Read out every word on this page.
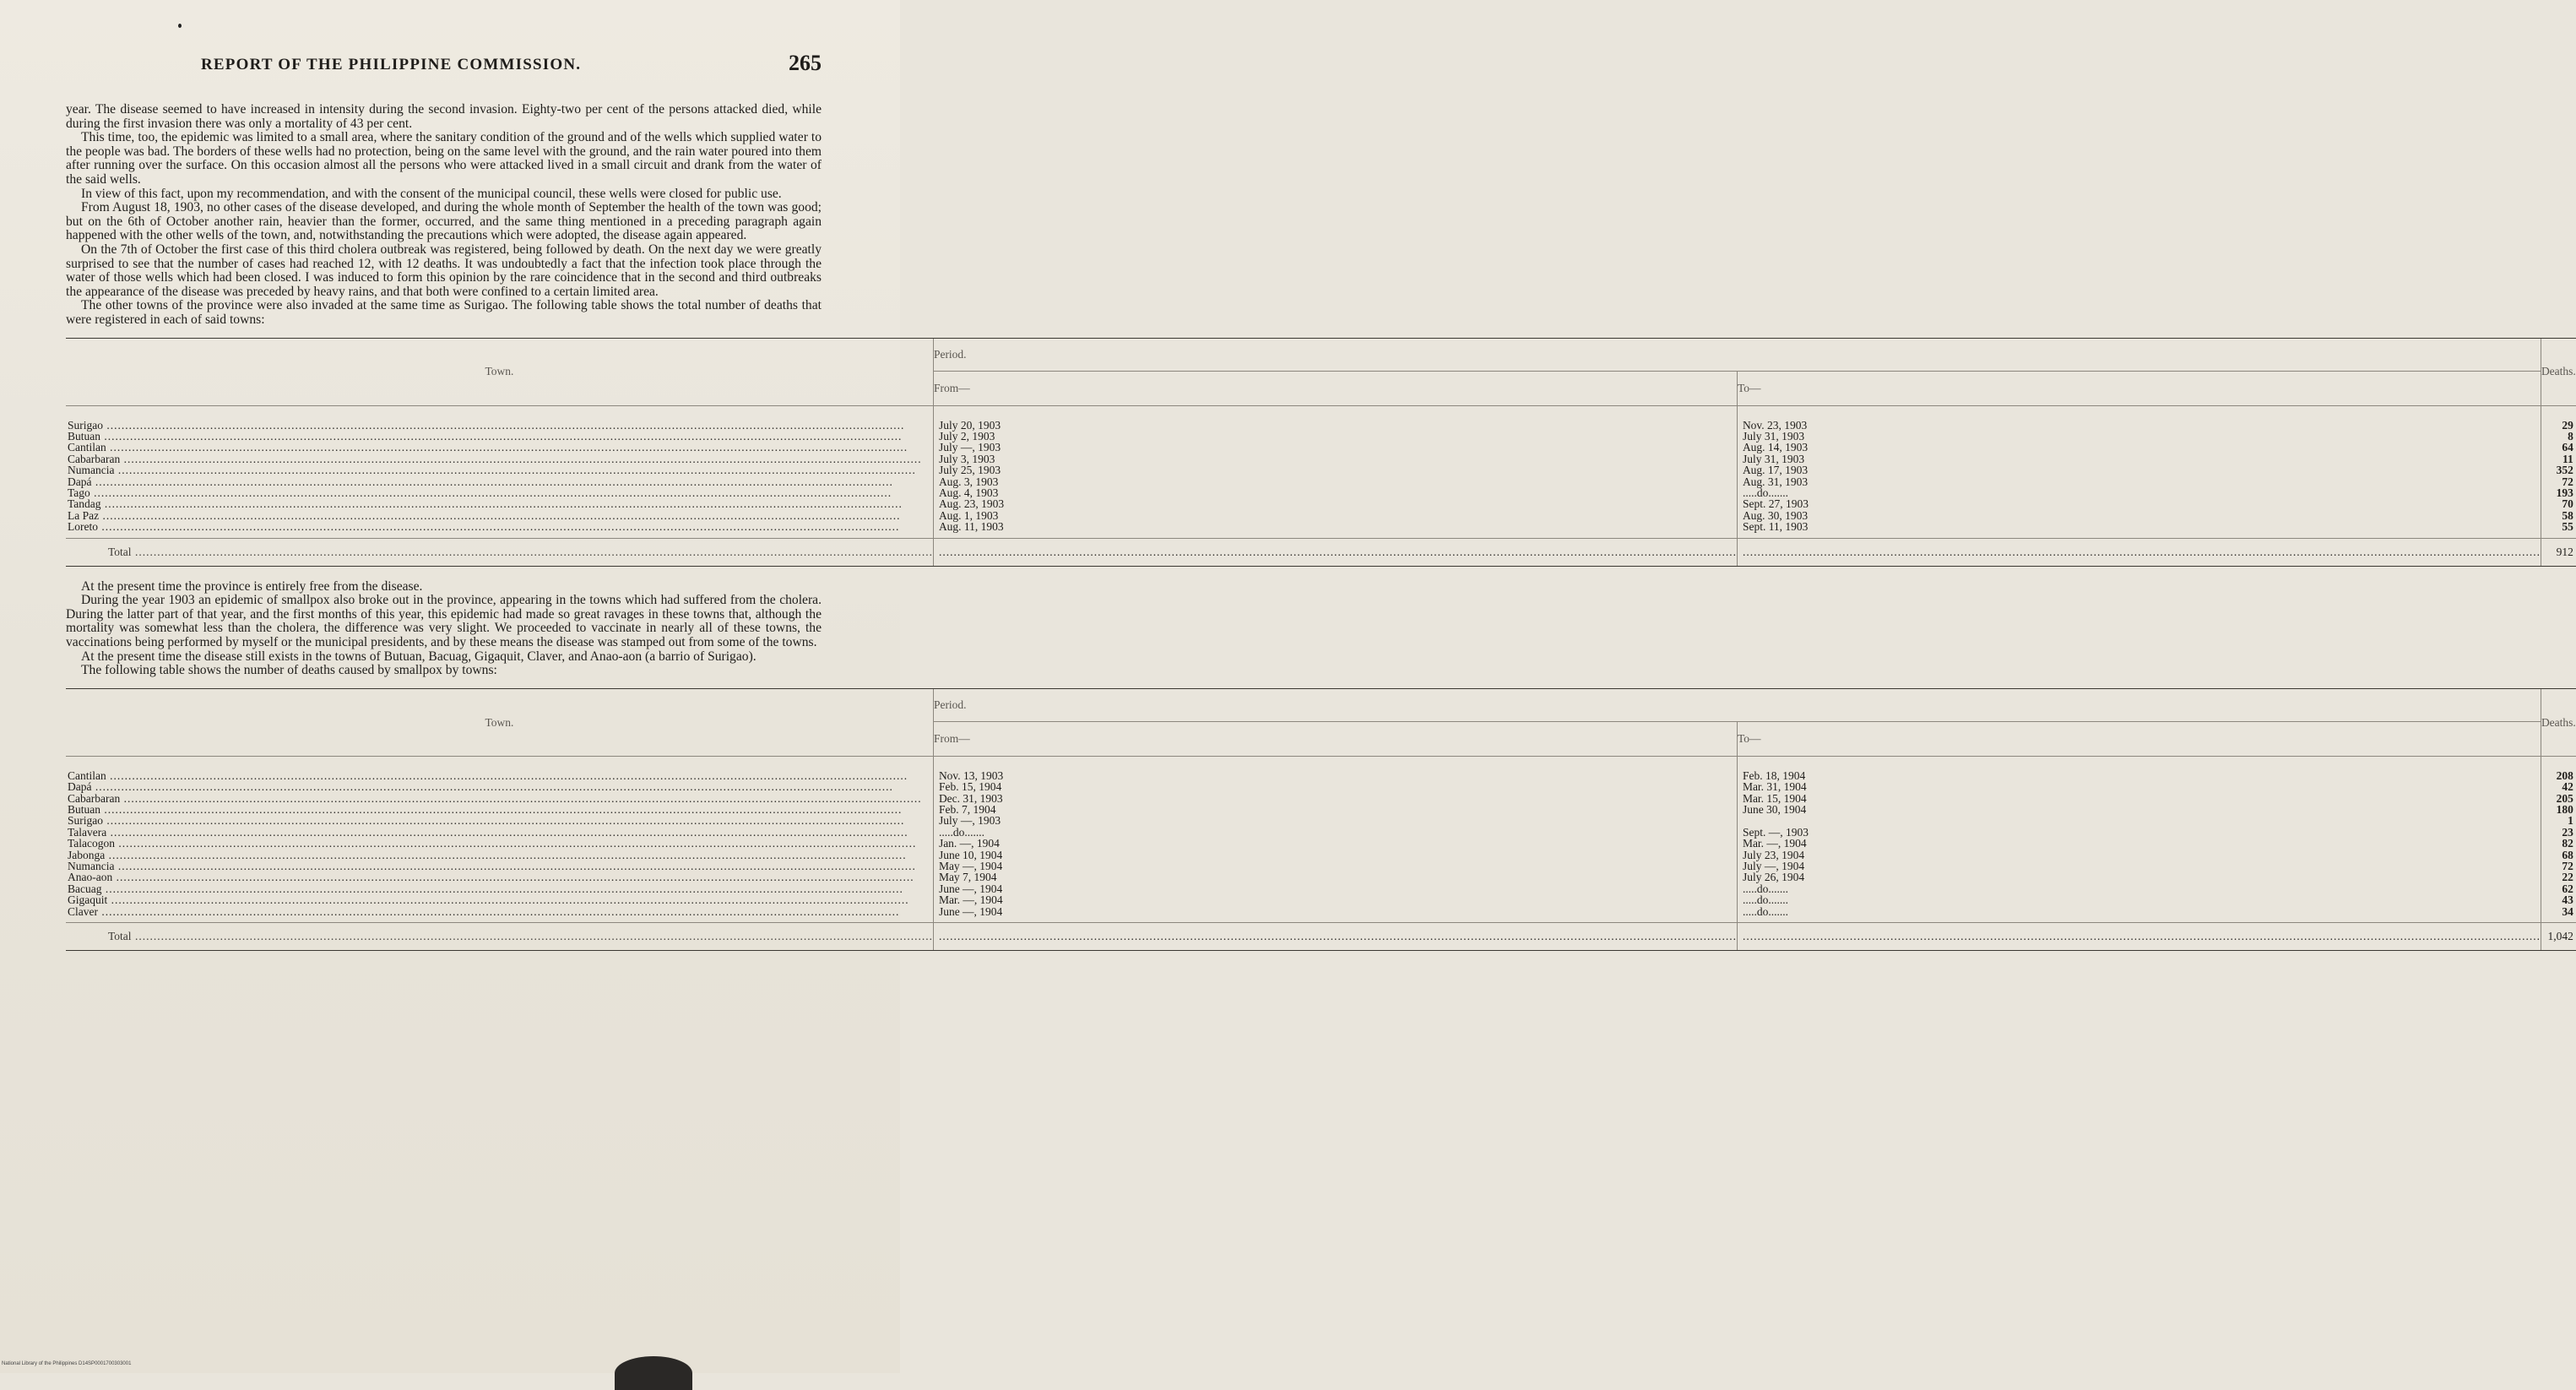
REPORT OF THE PHILIPPINE COMMISSION.	265

year. The disease seemed to have increased in intensity during the second invasion. Eighty-two per cent of the persons attacked died, while during the first invasion there was only a mortality of 43 per cent.

This time, too, the epidemic was limited to a small area, where the sanitary condition of the ground and of the wells which supplied water to the people was bad. The borders of these wells had no protection, being on the same level with the ground, and the rain water poured into them after running over the surface. On this occasion almost all the persons who were attacked lived in a small circuit and drank from the water of the said wells.

In view of this fact, upon my recommendation, and with the consent of the municipal council, these wells were closed for public use.

From August 18, 1903, no other cases of the disease developed, and during the whole month of September the health of the town was good; but on the 6th of October another rain, heavier than the former, occurred, and the same thing mentioned in a preceding paragraph again happened with the other wells of the town, and, notwithstanding the precautions which were adopted, the disease again appeared.

On the 7th of October the first case of this third cholera outbreak was registered, being followed by death. On the next day we were greatly surprised to see that the number of cases had reached 12, with 12 deaths. It was undoubtedly a fact that the infection took place through the water of those wells which had been closed. I was induced to form this opinion by the rare coincidence that in the second and third outbreaks the appearance of the disease was preceded by heavy rains, and that both were confined to a certain limited area.

The other towns of the province were also invaded at the same time as Surigao. The following table shows the total number of deaths that were registered in each of said towns:

Town.	Period.		Deaths.
	From—	To—	

Surigao .....	July 20, 1903	Nov. 23, 1903	29
Butuan .....	July 2, 1903	July 31, 1903	8
Cantilan .....	July —, 1903	Aug. 14, 1903	64
Cabarbaran .....	July 3, 1903	July 31, 1903	11
Numancia .....	July 25, 1903	Aug. 17, 1903	352
Dapá .....	Aug. 3, 1903	Aug. 31, 1903	72
Tago .....	Aug. 4, 1903	.....do.......	193
Tandag .....	Aug. 23, 1903	Sept. 27, 1903	70
La Paz .....	Aug. 1, 1903	Aug. 30, 1903	58
Loreto .....	Aug. 11, 1903	Sept. 11, 1903	55

Total .....	.....	.....	912

At the present time the province is entirely free from the disease.

During the year 1903 an epidemic of smallpox also broke out in the province, appearing in the towns which had suffered from the cholera. During the latter part of that year, and the first months of this year, this epidemic had made so great ravages in these towns that, although the mortality was somewhat less than the cholera, the difference was very slight. We proceeded to vaccinate in nearly all of these towns, the vaccinations being performed by myself or the municipal presidents, and by these means the disease was stamped out from some of the towns.

At the present time the disease still exists in the towns of Butuan, Bacuag, Gigaquit, Claver, and Anao-aon (a barrio of Surigao).

The following table shows the number of deaths caused by smallpox by towns:

Town.	Period.		Deaths.
	From—	To—	

Cantilan .....	Nov. 13, 1903	Feb. 18, 1904	208
Dapá .....	Feb. 15, 1904	Mar. 31, 1904	42
Cabarbaran .....	Dec. 31, 1903	Mar. 15, 1904	205
Butuan .....	Feb. 7, 1904	June 30, 1904	180
Surigao .....	July —, 1903		1
Talavera .....	.....do.......	Sept. —, 1903	23
Talacogon .....	Jan. —, 1904	Mar. —, 1904	82
Jabonga .....	June 10, 1904	July 23, 1904	68
Numancia .....	May —, 1904	July —, 1904	72
Anao-aon .....	May 7, 1904	July 26, 1904	22
Bacuag .....	June —, 1904	.....do.......	62
Gigaquit .....	Mar. —, 1904	.....do.......	43
Claver .....	June —, 1904	.....do.......	34

Total .....	.....	.....	1,042
National Library of the Philippines D14SP0001700303001
